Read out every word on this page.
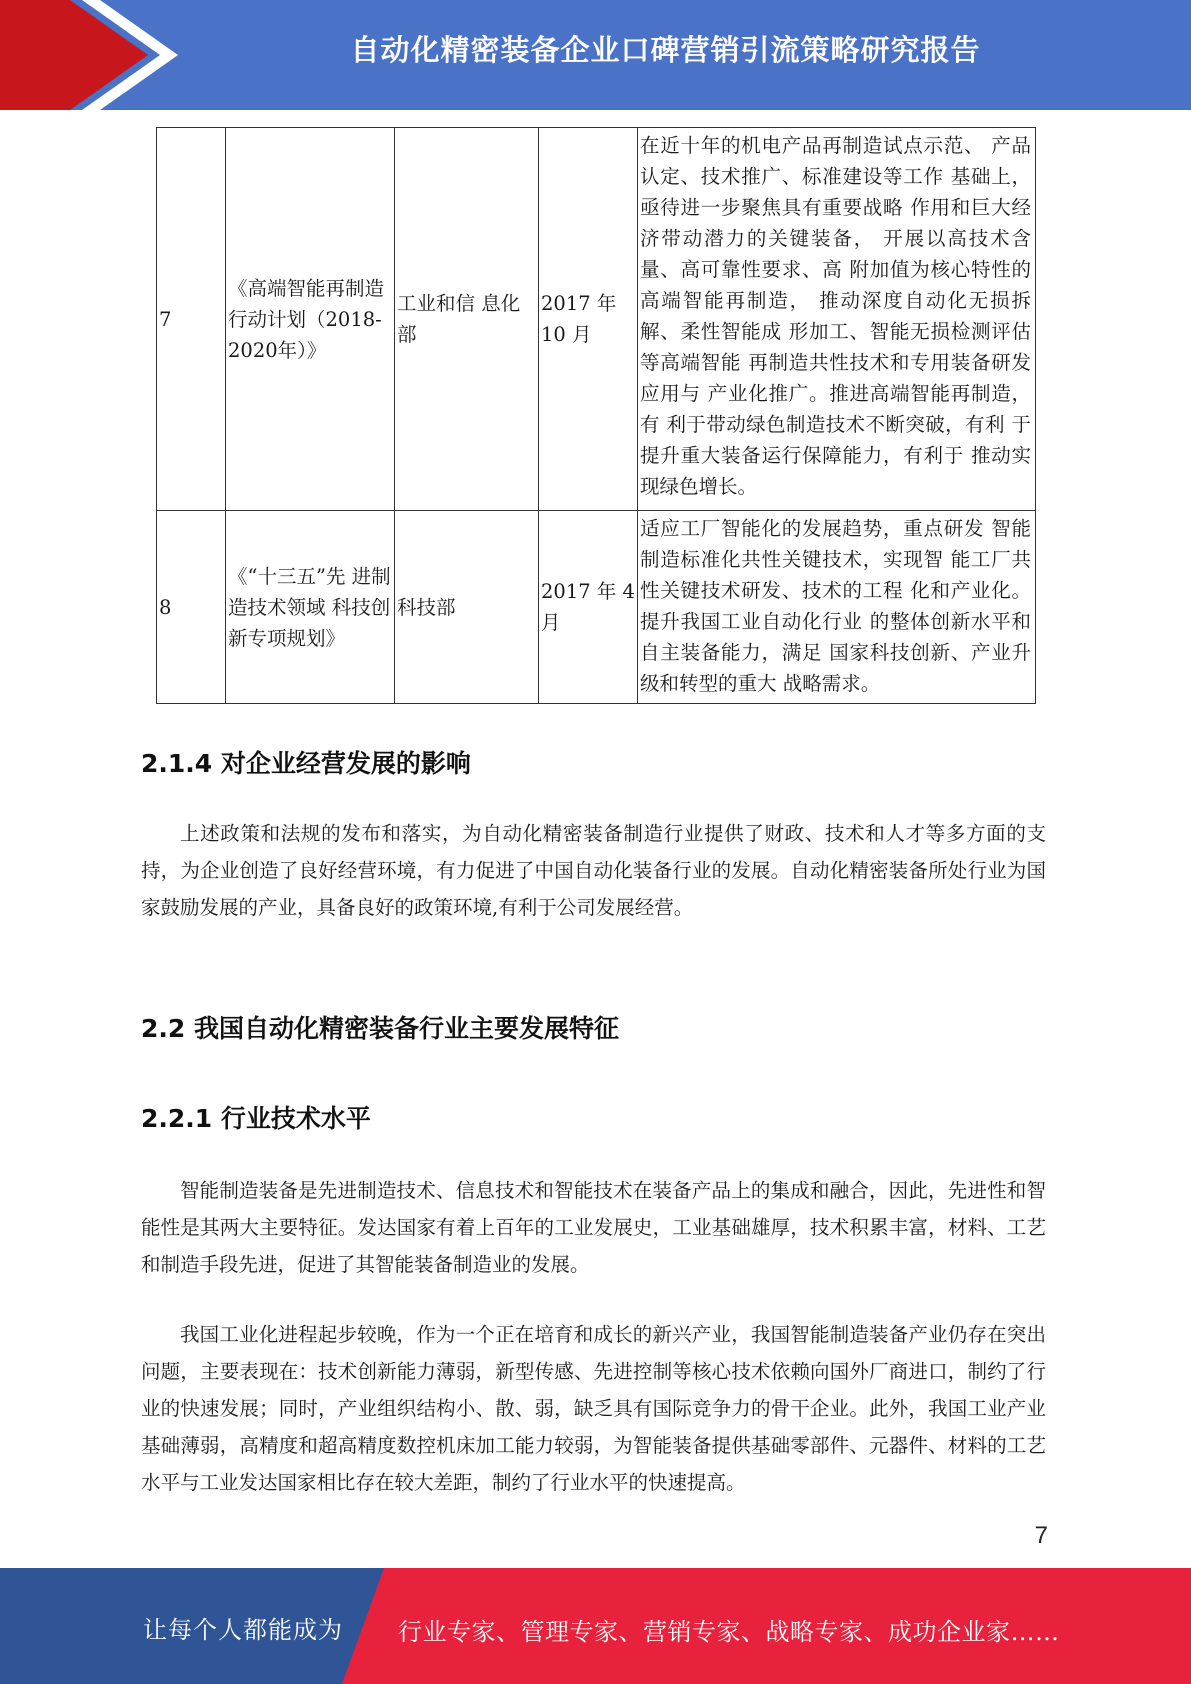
自动化精密装备企业口碑营销引流策略研究报告
7	《高端智能再制造行动计划（2018-2020年）》	工业和信 息化部	2017 年 10 月	在近十年的机电产品再制造试点示范、 产品认定、技术推广、标准建设等工作 基础上，亟待进一步聚焦具有重要战略 作用和巨大经济带动潜力的关键装备， 开展以高技术含量、高可靠性要求、高 附加值为核心特性的高端智能再制造， 推动深度自动化无损拆解、柔性智能成 形加工、智能无损检测评估等高端智能 再制造共性技术和专用装备研发应用与 产业化推广。推进高端智能再制造，有 利于带动绿色制造技术不断突破，有利 于提升重大装备运行保障能力，有利于 推动实现绿色增长。
8	《“十三五”先 进制造技术领域 科技创新专项规划》	科技部	2017 年 4 月	适应工厂智能化的发展趋势，重点研发 智能制造标准化共性关键技术，实现智 能工厂共性关键技术研发、技术的工程 化和产业化。提升我国工业自动化行业 的整体创新水平和自主装备能力，满足 国家科技创新、产业升级和转型的重大 战略需求。
2.1.4 对企业经营发展的影响

上述政策和法规的发布和落实，为自动化精密装备制造行业提供了财政、技术和人才等多方面的支持，为企业创造了良好经营环境，有力促进了中国自动化装备行业的发展。自动化精密装备所处行业为国家鼓励发展的产业，具备良好的政策环境,有利于公司发展经营。

2.2 我国自动化精密装备行业主要发展特征
2.2.1 行业技术水平

智能制造装备是先进制造技术、信息技术和智能技术在装备产品上的集成和融合，因此，先进性和智能性是其两大主要特征。发达国家有着上百年的工业发展史，工业基础雄厚，技术积累丰富，材料、工艺和制造手段先进，促进了其智能装备制造业的发展。

我国工业化进程起步较晚，作为一个正在培育和成长的新兴产业，我国智能制造装备产业仍存在突出问题，主要表现在：技术创新能力薄弱，新型传感、先进控制等核心技术依赖向国外厂商进口，制约了行业的快速发展；同时，产业组织结构小、散、弱，缺乏具有国际竞争力的骨干企业。此外，我国工业产业基础薄弱，高精度和超高精度数控机床加工能力较弱，为智能装备提供基础零部件、元器件、材料的工艺水平与工业发达国家相比存在较大差距，制约了行业水平的快速提高。

7
让每个人都能成为 行业专家、管理专家、营销专家、战略专家、成功企业家……
